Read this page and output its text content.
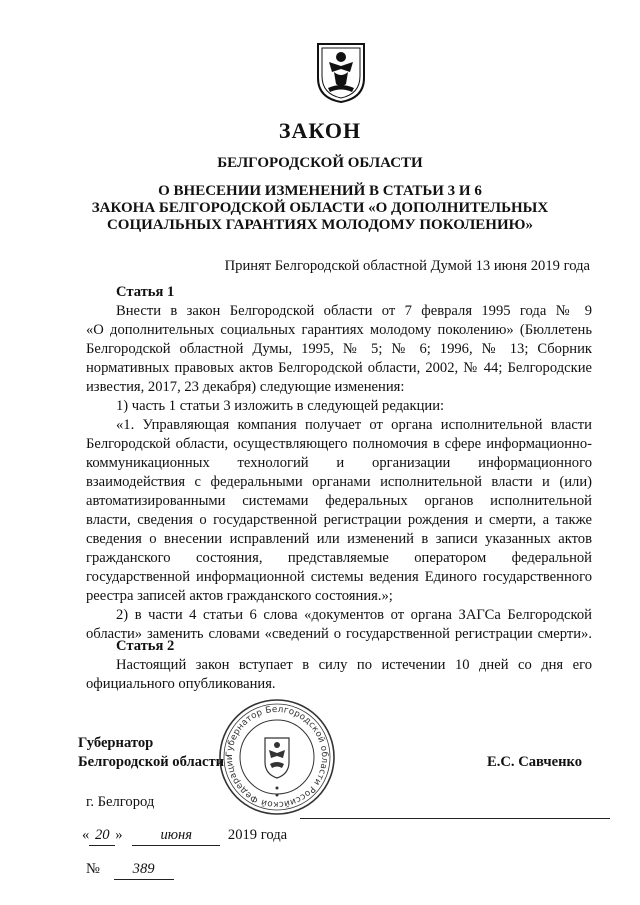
ЗАКОН
БЕЛГОРОДСКОЙ ОБЛАСТИ
О ВНЕСЕНИИ ИЗМЕНЕНИЙ В СТАТЬИ 3 И 6
ЗАКОНА БЕЛГОРОДСКОЙ ОБЛАСТИ «О ДОПОЛНИТЕЛЬНЫХ
СОЦИАЛЬНЫХ ГАРАНТИЯХ МОЛОДОМУ ПОКОЛЕНИЮ»
Принят Белгородской областной Думой 13 июня 2019 года
Статья 1
Внести в закон Белгородской области от 7 февраля 1995 года № 9
«О дополнительных социальных гарантиях молодому поколению» (Бюллетень
Белгородской областной Думы, 1995, № 5; № 6; 1996, № 13; Сборник
нормативных правовых актов Белгородской области, 2002, № 44; Белгородские
известия, 2017, 23 декабря) следующие изменения:
1) часть 1 статьи 3 изложить в следующей редакции:
«1. Управляющая компания получает от органа исполнительной власти
Белгородской области, осуществляющего полномочия в сфере информационно-
коммуникационных технологий и организации информационного
взаимодействия с федеральными органами исполнительной власти и (или)
автоматизированными системами федеральных органов исполнительной
власти, сведения о государственной регистрации рождения и смерти, а также
сведения о внесении исправлений или изменений в записи указанных актов
гражданского состояния, представляемые оператором федеральной
государственной информационной системы ведения Единого государственного
реестра записей актов гражданского состояния.»;
2) в части 4 статьи 6 слова «документов от органа ЗАГСа Белгородской
области» заменить словами «сведений о государственной регистрации смерти».
Статья 2
Настоящий закон вступает в силу по истечении 10 дней со дня его
официального опубликования.
Губернатор Белгородской области Российской Федерации
Губернатор
Белгородской области	Е.С. Савченко
г. Белгород
« 20 »	июня 2019 года
№ 389
